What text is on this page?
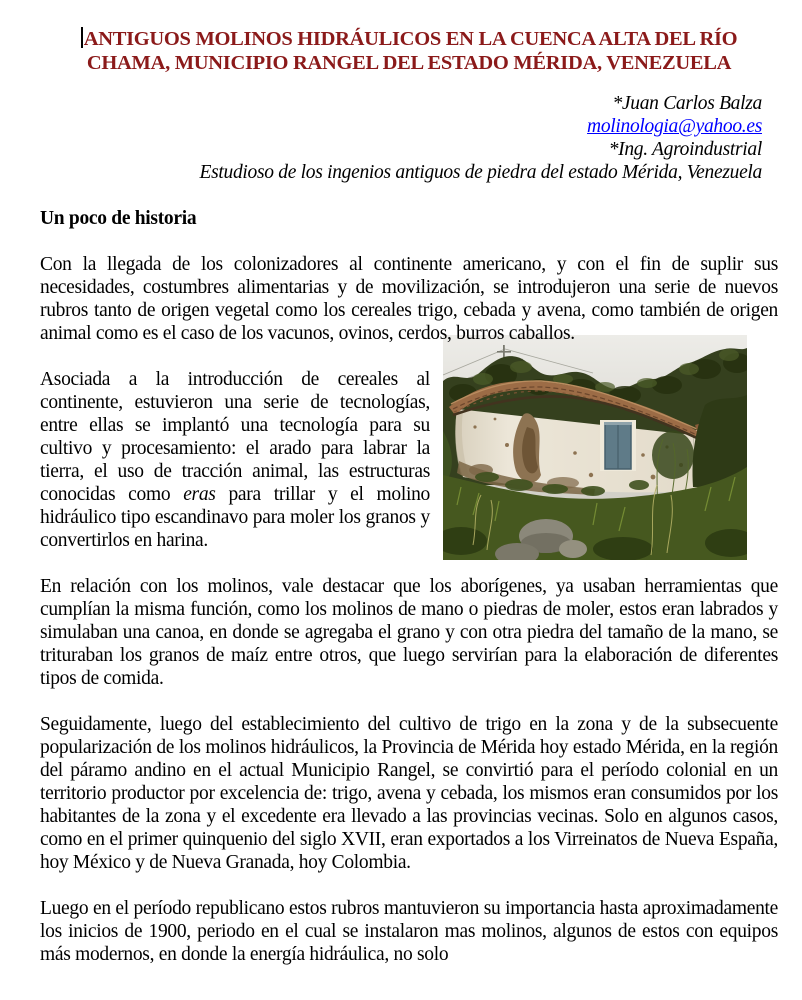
ANTIGUOS MOLINOS HIDRÁULICOS EN LA CUENCA ALTA DEL RÍO CHAMA, MUNICIPIO RANGEL DEL ESTADO MÉRIDA, VENEZUELA
*Juan Carlos Balza
molinologia@yahoo.es
*Ing. Agroindustrial
Estudioso de los ingenios antiguos de piedra del estado Mérida, Venezuela
Un poco de historia

Con la llegada de los colonizadores al continente americano, y con el fin de suplir sus necesidades, costumbres alimentarias y de movilización, se introdujeron una serie de nuevos rubros tanto de origen vegetal como los cereales trigo, cebada y avena, como también de origen animal como es el caso de los vacunos, ovinos, cerdos, burros caballos.

Asociada a la introducción de cereales al continente, estuvieron una serie de tecnologías, entre ellas se implantó una tecnología para su cultivo y procesamiento: el arado para labrar la tierra, el uso de tracción animal, las estructuras conocidas como eras para trillar y el molino hidráulico tipo escandinavo para moler los granos y convertirlos en harina.

En relación con los molinos, vale destacar que los aborígenes, ya usaban herramientas que cumplían la misma función, como los molinos de mano o piedras de moler, estos eran labrados y simulaban una canoa, en donde se agregaba el grano y con otra piedra del tamaño de la mano, se trituraban los granos de maíz entre otros, que luego servirían para la elaboración de diferentes tipos de comida.

Seguidamente, luego del establecimiento del cultivo de trigo en la zona y de la subsecuente popularización de los molinos hidráulicos, la Provincia de Mérida hoy estado Mérida, en la región del páramo andino en el actual Municipio Rangel, se convirtió para el período colonial en un territorio productor por excelencia de: trigo, avena y cebada, los mismos eran consumidos por los habitantes de la zona y el excedente era llevado a las provincias vecinas. Solo en algunos casos, como en el primer quinquenio del siglo XVII, eran exportados a los Virreinatos de Nueva España, hoy México y de Nueva Granada, hoy Colombia.

Luego en el período republicano estos rubros mantuvieron su importancia hasta aproximadamente los inicios de 1900, periodo en el cual se instalaron mas molinos, algunos de estos con equipos más modernos, en donde la energía hidráulica, no solo
